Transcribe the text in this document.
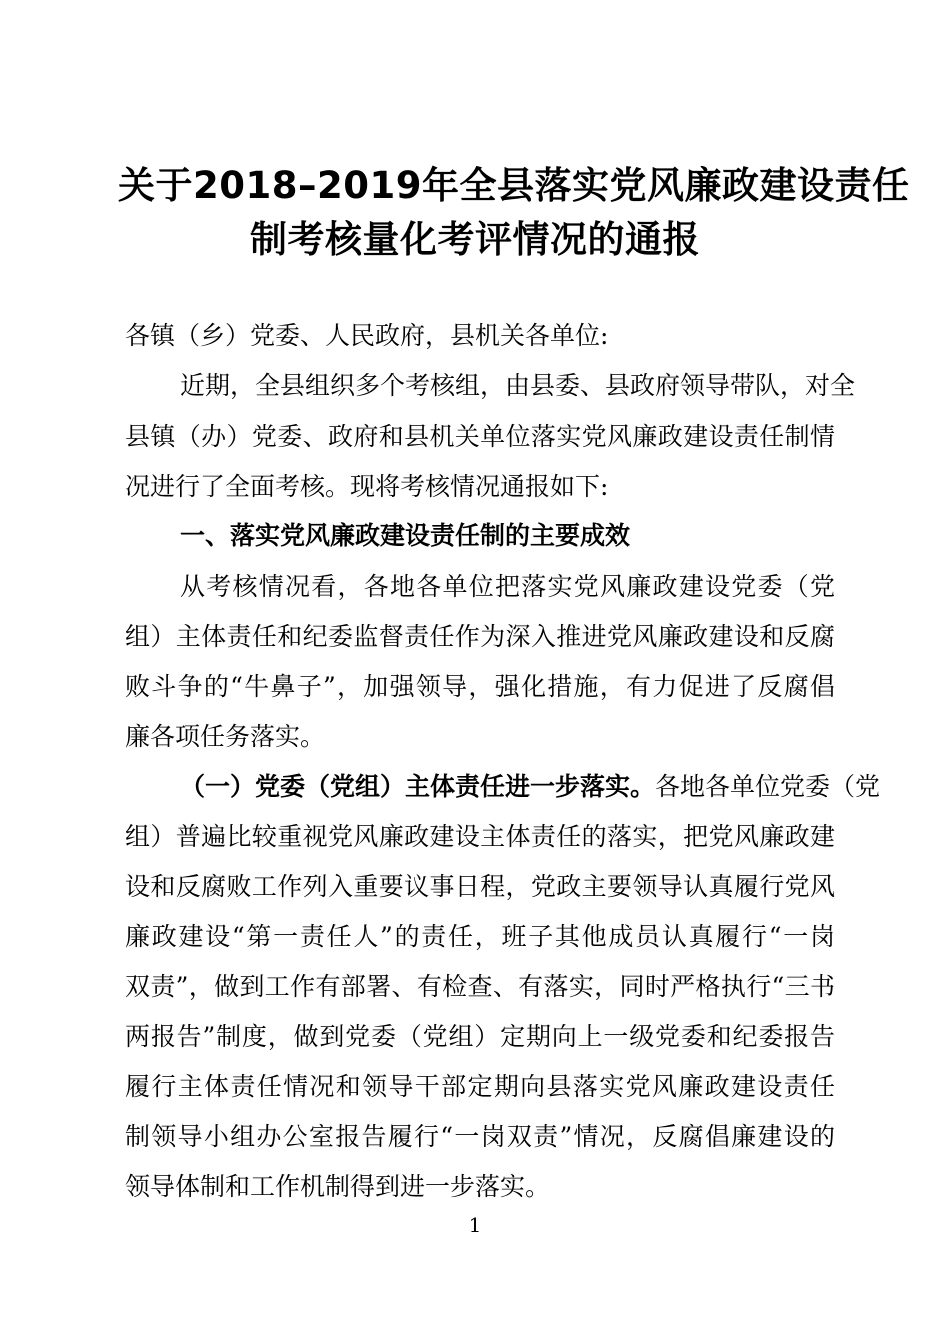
关于2018–2019年全县落实党风廉政建设责任
制考核量化考评情况的通报
各镇（乡）党委、人民政府，县机关各单位:
近期，全县组织多个考核组，由县委、县政府领导带队，对全
县镇（办）党委、政府和县机关单位落实党风廉政建设责任制情
况进行了全面考核。现将考核情况通报如下:
一、落实党风廉政建设责任制的主要成效
从考核情况看，各地各单位把落实党风廉政建设党委（党
组）主体责任和纪委监督责任作为深入推进党风廉政建设和反腐
败斗争的“牛鼻子”，加强领导，强化措施，有力促进了反腐倡
廉各项任务落实。
（一）党委（党组）主体责任进一步落实。各地各单位党委（党
组）普遍比较重视党风廉政建设主体责任的落实，把党风廉政建
设和反腐败工作列入重要议事日程，党政主要领导认真履行党风
廉政建设“第一责任人”的责任，班子其他成员认真履行“一岗
双责”，做到工作有部署、有检查、有落实，同时严格执行“三书
两报告”制度，做到党委（党组）定期向上一级党委和纪委报告
履行主体责任情况和领导干部定期向县落实党风廉政建设责任
制领导小组办公室报告履行“一岗双责”情况，反腐倡廉建设的
领导体制和工作机制得到进一步落实。
1
